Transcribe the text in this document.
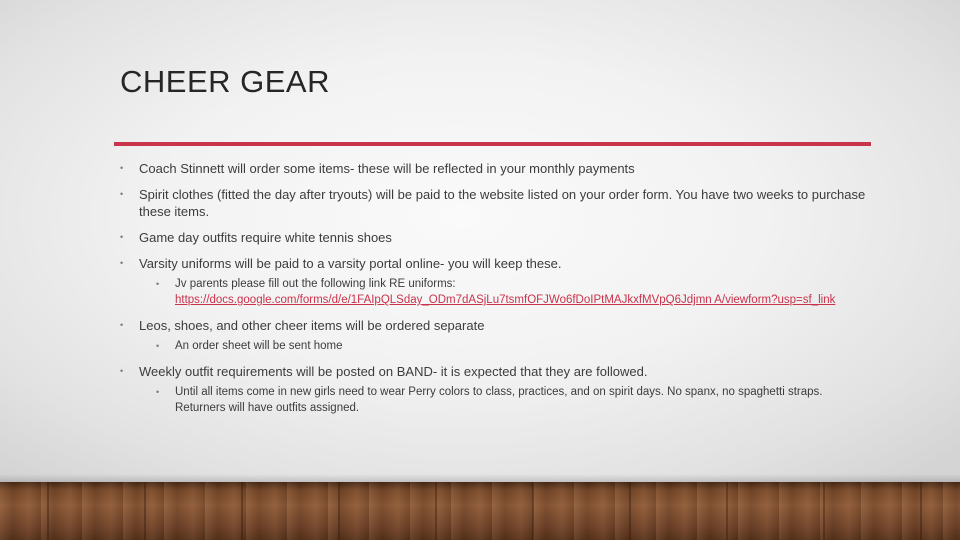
CHEER GEAR
• Coach Stinnett will order some items- these will be reflected in your monthly payments
• Spirit clothes (fitted the day after tryouts) will be paid to the website listed on your order form. You have two weeks to purchase these items.
• Game day outfits require white tennis shoes
• Varsity uniforms will be paid to a varsity portal online- you will keep these.
• Jv parents please fill out the following link RE uniforms:
https://docs.google.com/forms/d/e/1FAIpQLSday_ODm7dASjLu7tsmfOFJWo6fDoIPtMAJkxfMVpQ6Jdjmn A/viewform?usp=sf_link
• Leos, shoes, and other cheer items will be ordered separate
• An order sheet will be sent home
• Weekly outfit requirements will be posted on BAND- it is expected that they are followed.
• Until all items come in new girls need to wear Perry colors to class, practices, and on spirit days. No spanx, no spaghetti straps. Returners will have outfits assigned.
